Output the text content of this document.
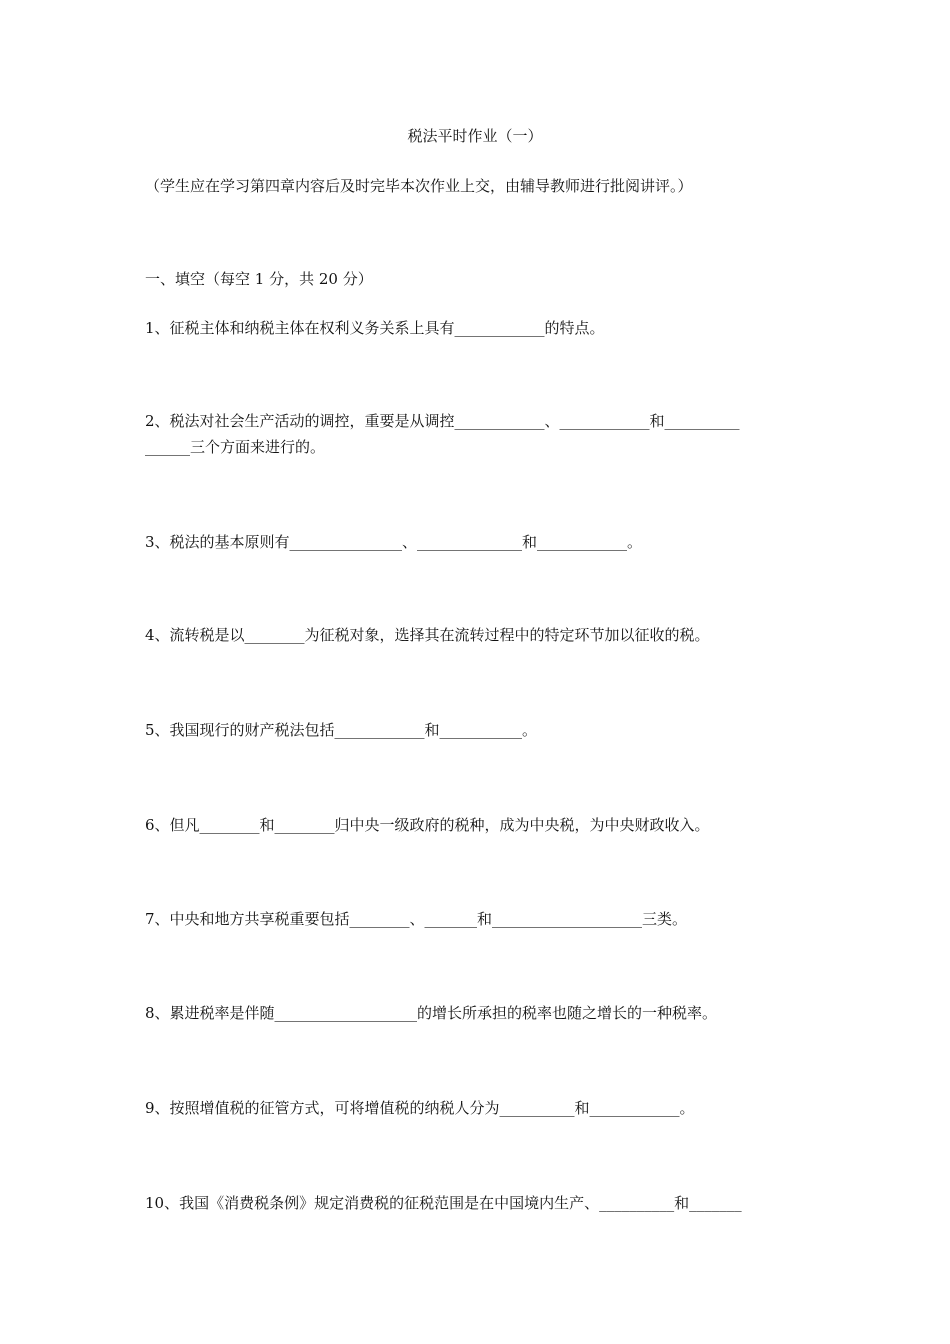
税法平时作业（一）
（学生应在学习第四章内容后及时完毕本次作业上交，由辅导教师进行批阅讲评。）
一、填空（每空 1 分，共 20 分）
1、征税主体和纳税主体在权利义务关系上具有____________的特点。
2、税法对社会生产活动的调控，重要是从调控____________、____________和__________
______三个方面来进行的。
3、税法的基本原则有_______________、______________和____________。
4、流转税是以________为征税对象，选择其在流转过程中的特定环节加以征收的税。
5、我国现行的财产税法包括____________和___________。
6、但凡________和________归中央一级政府的税种，成为中央税，为中央财政收入。
7、中央和地方共享税重要包括________、_______和____________________三类。
8、累进税率是伴随___________________的增长所承担的税率也随之增长的一种税率。
9、按照增值税的征管方式，可将增值税的纳税人分为__________和____________。
10、我国《消费税条例》规定消费税的征税范围是在中国境内生产、__________和_______
